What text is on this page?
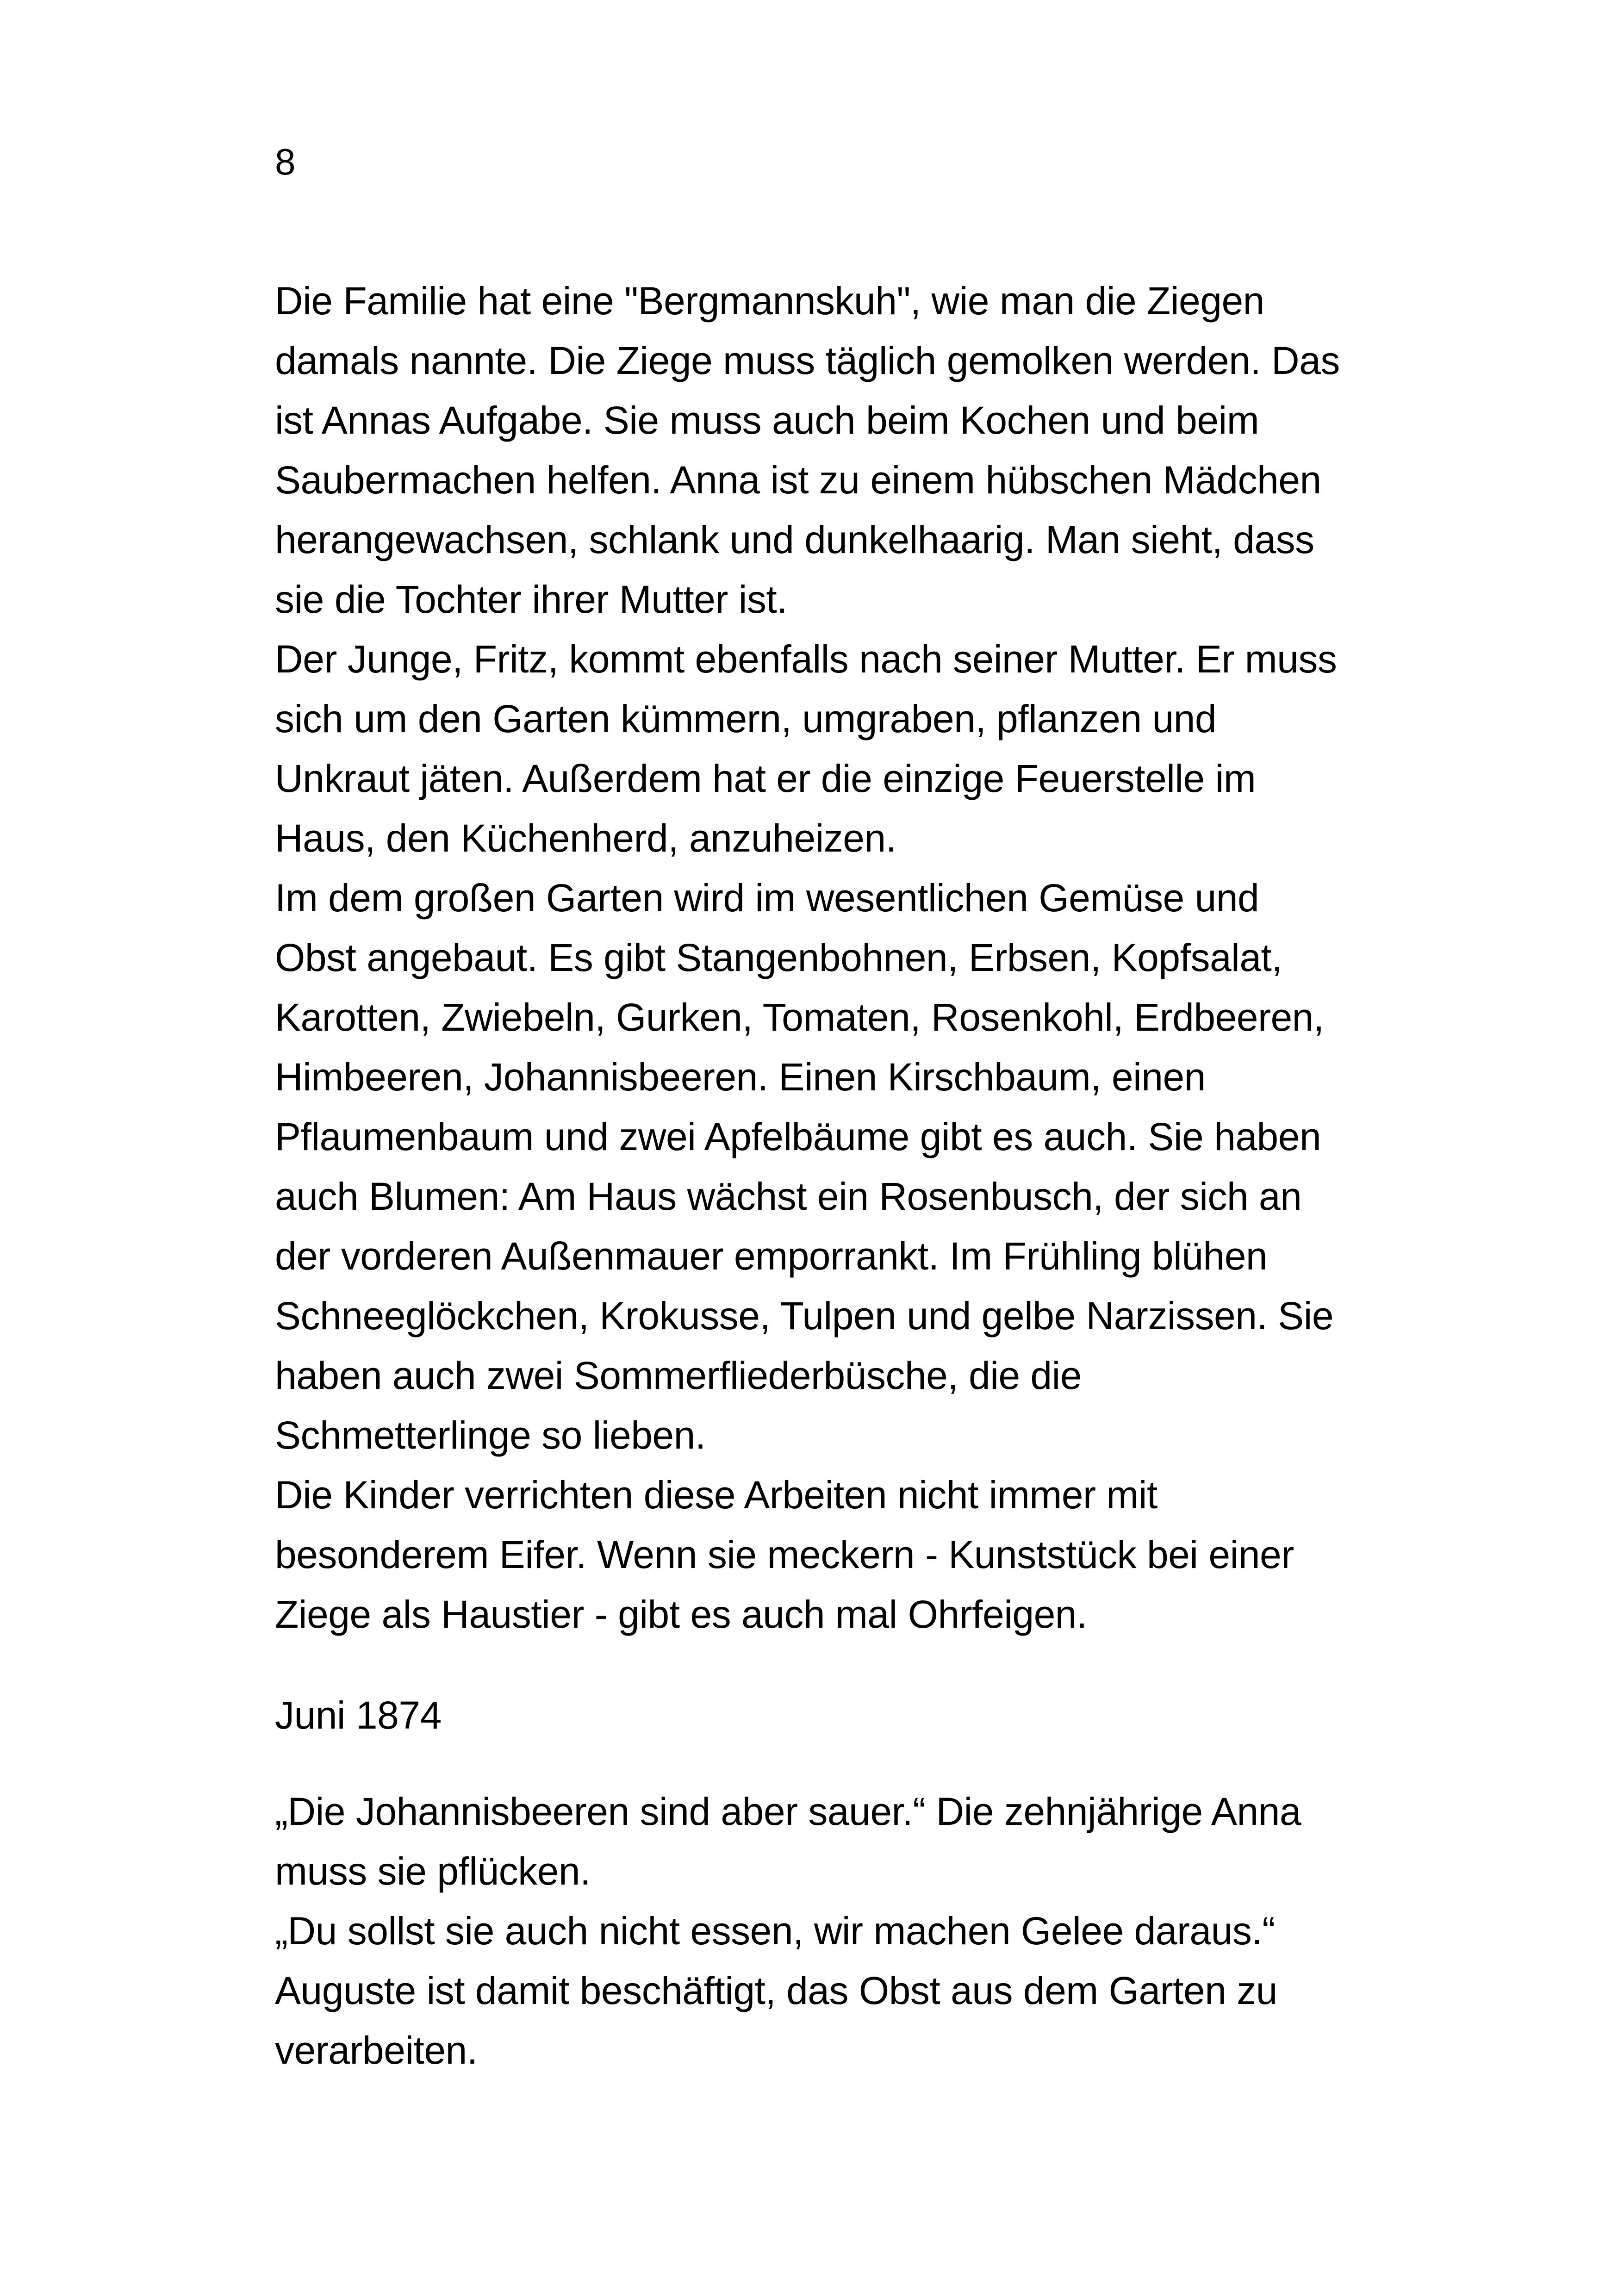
8
Die Familie hat eine "Bergmannskuh", wie man die Ziegen
damals nannte. Die Ziege muss täglich gemolken werden. Das
ist Annas Aufgabe. Sie muss auch beim Kochen und beim
Saubermachen helfen. Anna ist zu einem hübschen Mädchen
herangewachsen, schlank und dunkelhaarig. Man sieht, dass
sie die Tochter ihrer Mutter ist.
Der Junge, Fritz, kommt ebenfalls nach seiner Mutter. Er muss
sich um den Garten kümmern, umgraben, pflanzen und
Unkraut jäten. Außerdem hat er die einzige Feuerstelle im
Haus, den Küchenherd, anzuheizen.
Im dem großen Garten wird im wesentlichen Gemüse und
Obst angebaut. Es gibt Stangenbohnen, Erbsen, Kopfsalat,
Karotten, Zwiebeln, Gurken, Tomaten, Rosenkohl, Erdbeeren,
Himbeeren, Johannisbeeren. Einen Kirschbaum, einen
Pflaumenbaum und zwei Apfelbäume gibt es auch. Sie haben
auch Blumen: Am Haus wächst ein Rosenbusch, der sich an
der vorderen Außenmauer emporrankt. Im Frühling blühen
Schneeglöckchen, Krokusse, Tulpen und gelbe Narzissen. Sie
haben auch zwei Sommerfliederbüsche, die die
Schmetterlinge so lieben.
Die Kinder verrichten diese Arbeiten nicht immer mit
besonderem Eifer. Wenn sie meckern - Kunststück bei einer
Ziege als Haustier - gibt es auch mal Ohrfeigen.
Juni 1874
„Die Johannisbeeren sind aber sauer.“ Die zehnjährige Anna
muss sie pflücken.
„Du sollst sie auch nicht essen, wir machen Gelee daraus.“
Auguste ist damit beschäftigt, das Obst aus dem Garten zu
verarbeiten.
